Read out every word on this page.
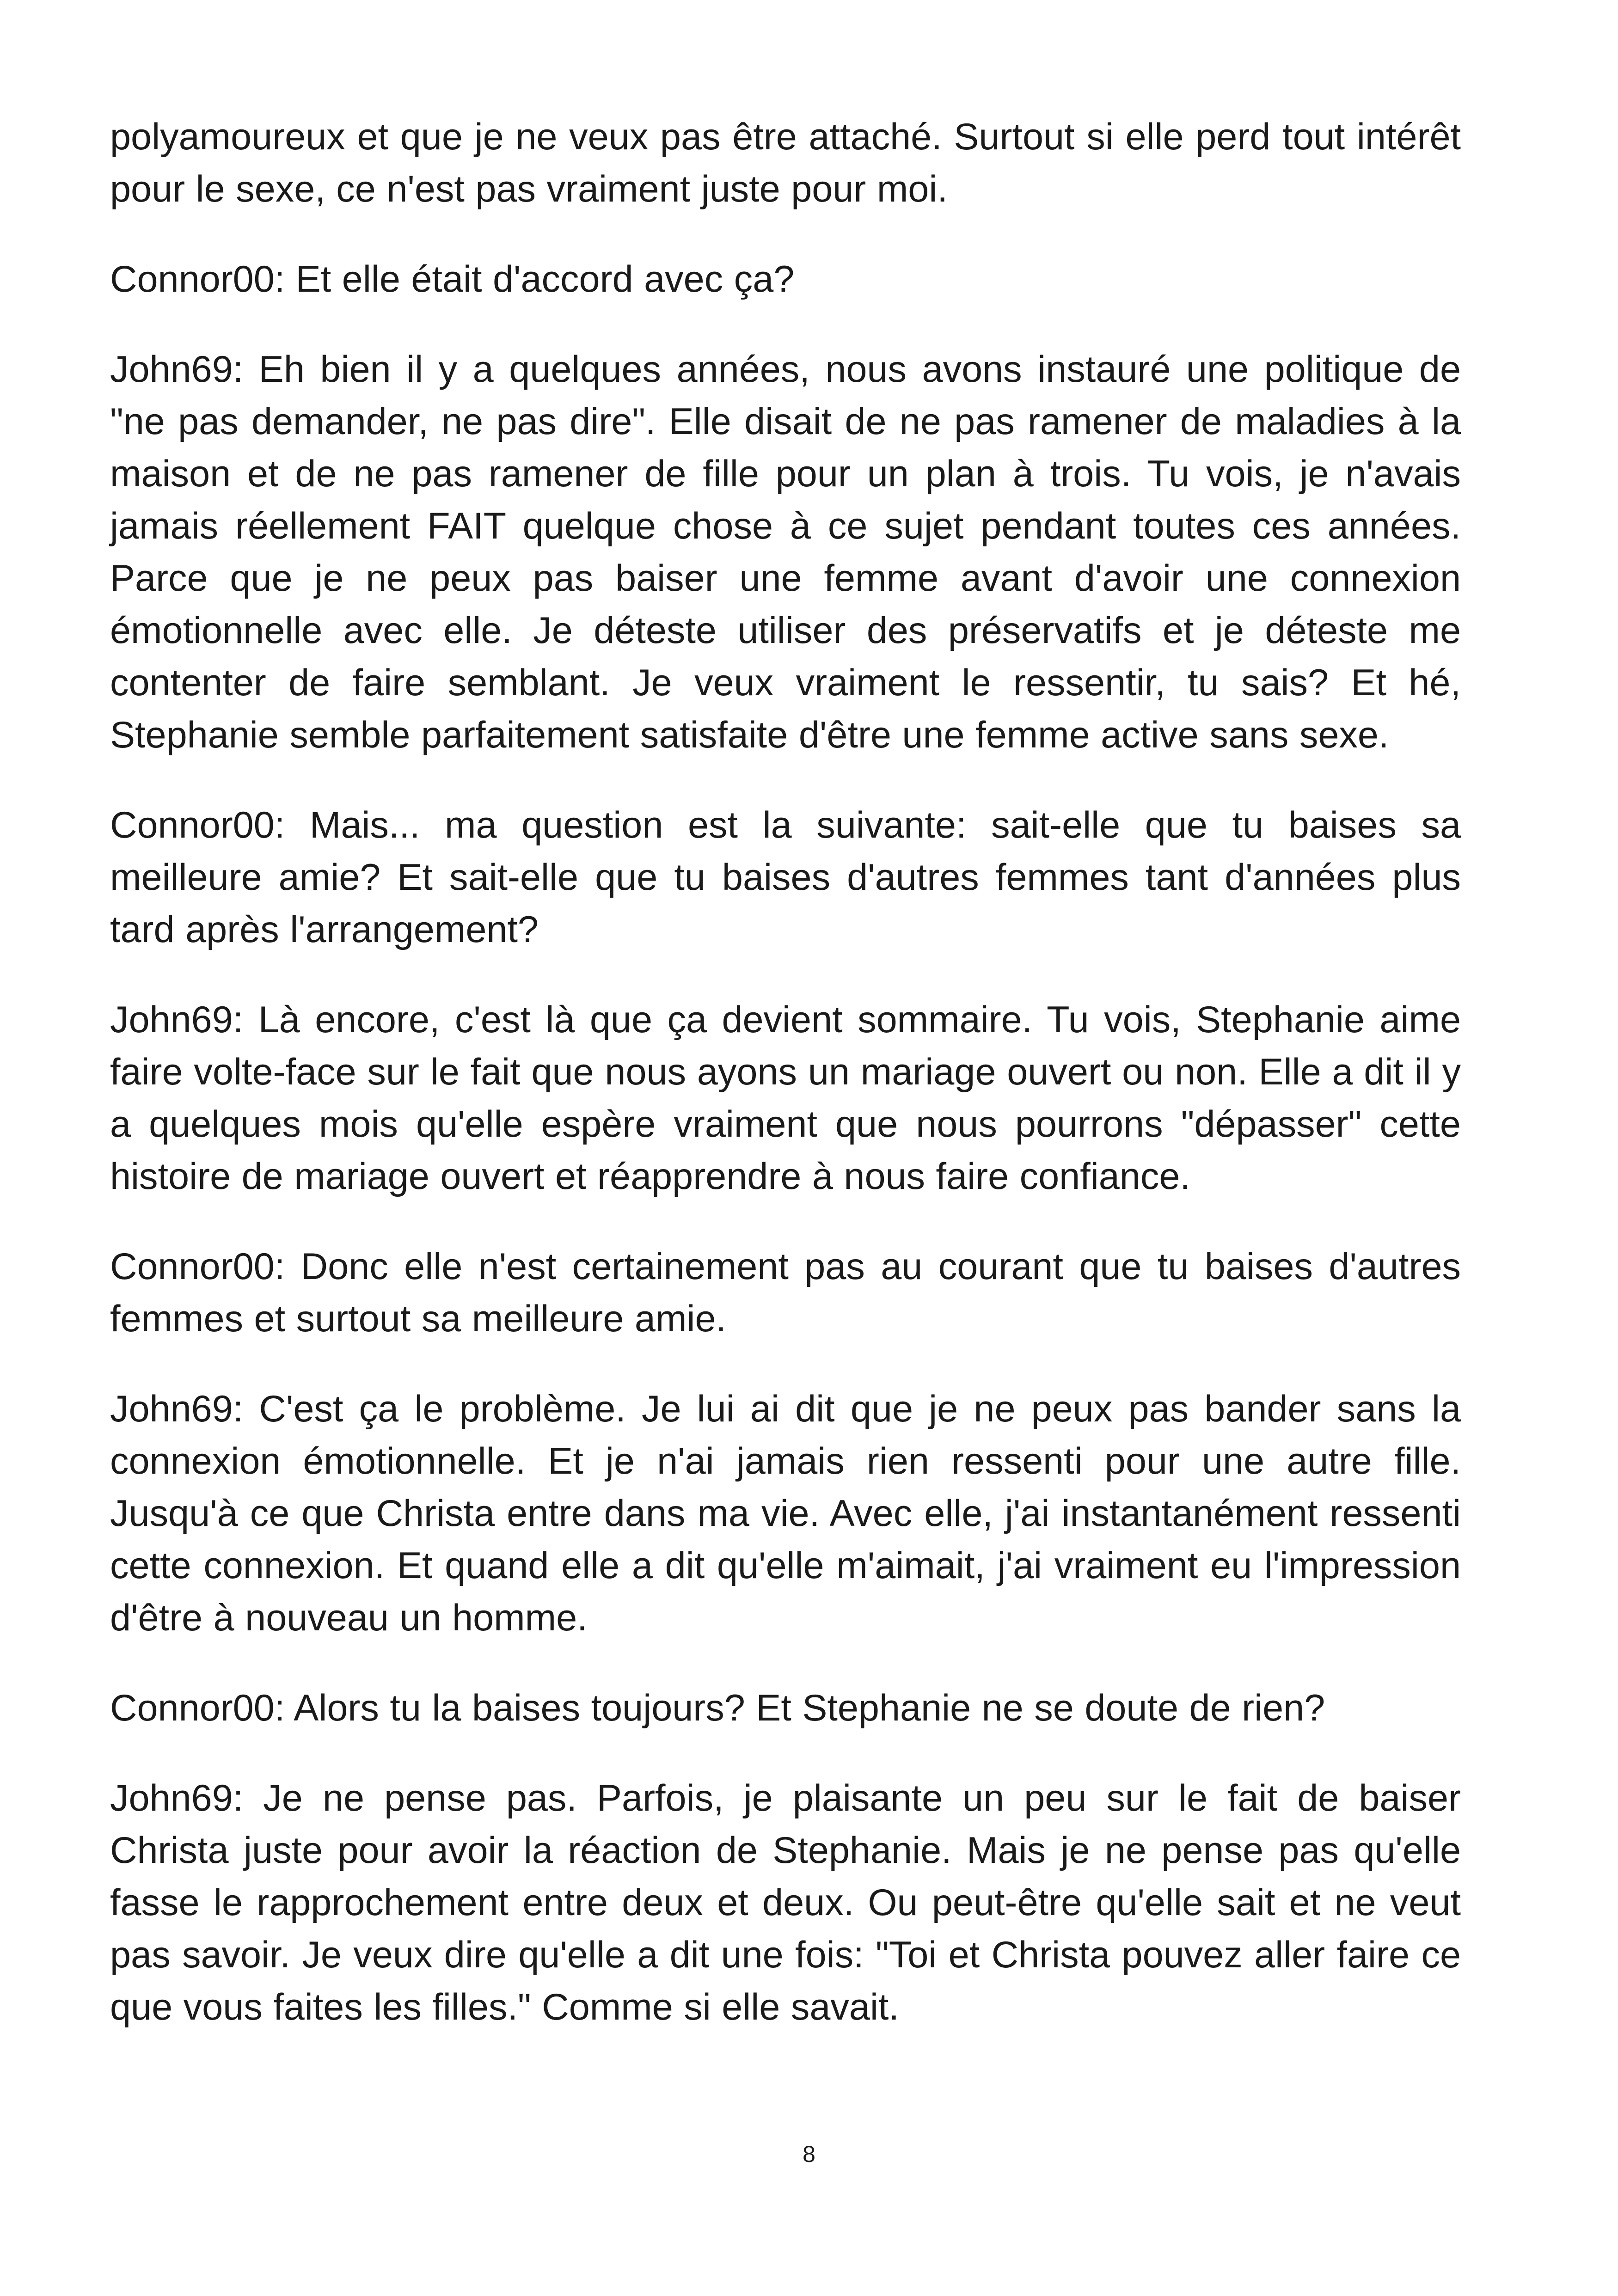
polyamoureux et que je ne veux pas être attaché. Surtout si elle perd tout intérêt pour le sexe, ce n'est pas vraiment juste pour moi.

Connor00: Et elle était d'accord avec ça?

John69: Eh bien il y a quelques années, nous avons instauré une politique de "ne pas demander, ne pas dire". Elle disait de ne pas ramener de maladies à la maison et de ne pas ramener de fille pour un plan à trois. Tu vois, je n'avais jamais réellement FAIT quelque chose à ce sujet pendant toutes ces années. Parce que je ne peux pas baiser une femme avant d'avoir une connexion émotionnelle avec elle. Je déteste utiliser des préservatifs et je déteste me contenter de faire semblant. Je veux vraiment le ressentir, tu sais? Et hé, Stephanie semble parfaitement satisfaite d'être une femme active sans sexe.

Connor00: Mais... ma question est la suivante: sait-elle que tu baises sa meilleure amie? Et sait-elle que tu baises d'autres femmes tant d'années plus tard après l'arrangement?

John69: Là encore, c'est là que ça devient sommaire. Tu vois, Stephanie aime faire volte-face sur le fait que nous ayons un mariage ouvert ou non. Elle a dit il y a quelques mois qu'elle espère vraiment que nous pourrons "dépasser" cette histoire de mariage ouvert et réapprendre à nous faire confiance.

Connor00: Donc elle n'est certainement pas au courant que tu baises d'autres femmes et surtout sa meilleure amie.

John69: C'est ça le problème. Je lui ai dit que je ne peux pas bander sans la connexion émotionnelle. Et je n'ai jamais rien ressenti pour une autre fille. Jusqu'à ce que Christa entre dans ma vie. Avec elle, j'ai instantanément ressenti cette connexion. Et quand elle a dit qu'elle m'aimait, j'ai vraiment eu l'impression d'être à nouveau un homme.

Connor00: Alors tu la baises toujours? Et Stephanie ne se doute de rien?

John69: Je ne pense pas. Parfois, je plaisante un peu sur le fait de baiser Christa juste pour avoir la réaction de Stephanie. Mais je ne pense pas qu'elle fasse le rapprochement entre deux et deux. Ou peut-être qu'elle sait et ne veut pas savoir. Je veux dire qu'elle a dit une fois: "Toi et Christa pouvez aller faire ce que vous faites les filles." Comme si elle savait.

8
